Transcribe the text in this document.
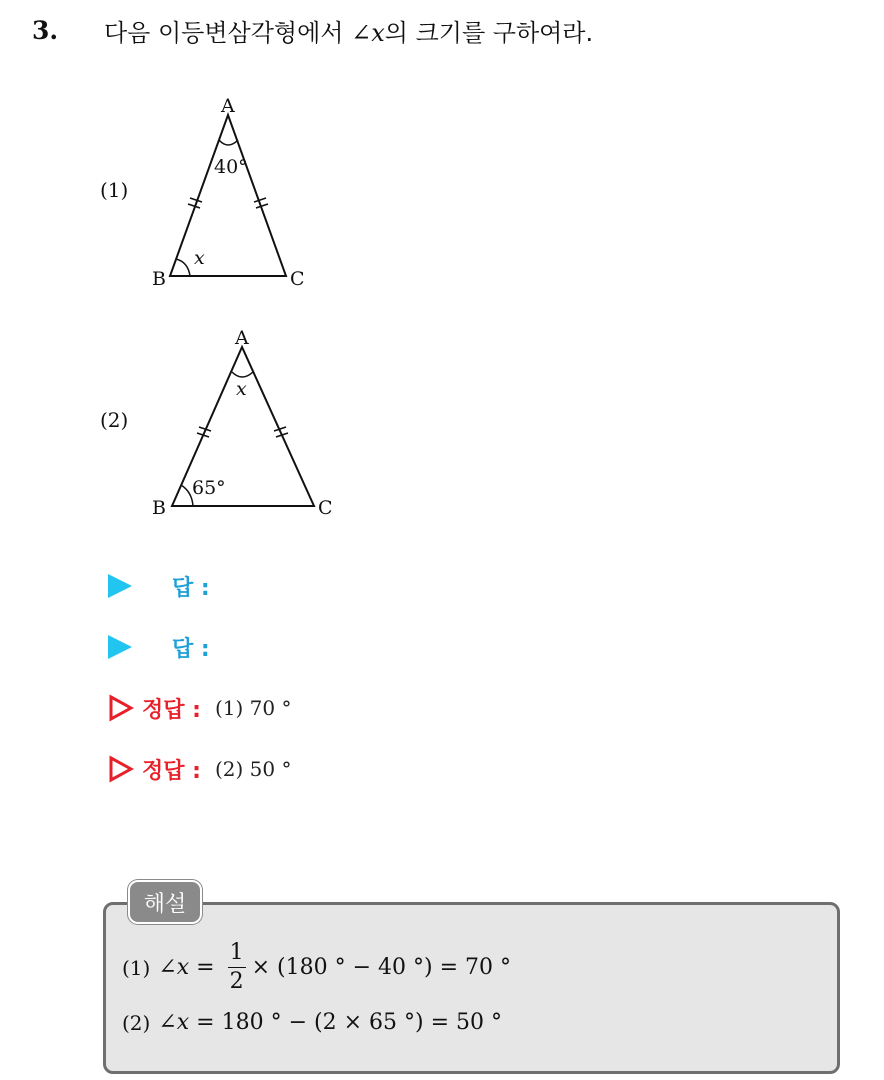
3.	다음 이등변삼각형에서 ∠x의 크기를 구하여라.
(1)
A
B	C
40°
x
(2)
A
B	C
x
65°
답 :
답 :
정답 : (1) 70 °
정답 : (2) 50 °
해설
(1) ∠x = $\frac{1}{2} \times (180$ ° − 40 °) = 70 °
(2) ∠x = 180 ° − (2 × 65 °) = 50 °
